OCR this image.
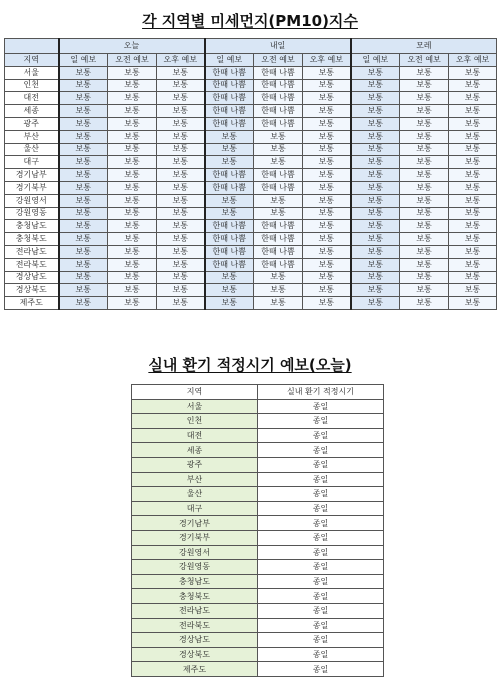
각 지역별 미세먼지(PM10)지수
	오늘			내일			모레		
지역	일 예보	오전 예보	오후 예보	일 예보	오전 예보	오후 예보	일 예보	오전 예보	오후 예보
서울	보통	보통	보통	한때 나쁨	한때 나쁨	보통	보통	보통	보통
인천	보통	보통	보통	한때 나쁨	한때 나쁨	보통	보통	보통	보통
대전	보통	보통	보통	한때 나쁨	한때 나쁨	보통	보통	보통	보통
세종	보통	보통	보통	한때 나쁨	한때 나쁨	보통	보통	보통	보통
광주	보통	보통	보통	한때 나쁨	한때 나쁨	보통	보통	보통	보통
부산	보통	보통	보통	보통	보통	보통	보통	보통	보통
울산	보통	보통	보통	보통	보통	보통	보통	보통	보통
대구	보통	보통	보통	보통	보통	보통	보통	보통	보통
경기남부	보통	보통	보통	한때 나쁨	한때 나쁨	보통	보통	보통	보통
경기북부	보통	보통	보통	한때 나쁨	한때 나쁨	보통	보통	보통	보통
강원영서	보통	보통	보통	보통	보통	보통	보통	보통	보통
강원영동	보통	보통	보통	보통	보통	보통	보통	보통	보통
충청남도	보통	보통	보통	한때 나쁨	한때 나쁨	보통	보통	보통	보통
충청북도	보통	보통	보통	한때 나쁨	한때 나쁨	보통	보통	보통	보통
전라남도	보통	보통	보통	한때 나쁨	한때 나쁨	보통	보통	보통	보통
전라북도	보통	보통	보통	한때 나쁨	한때 나쁨	보통	보통	보통	보통
경상남도	보통	보통	보통	보통	보통	보통	보통	보통	보통
경상북도	보통	보통	보통	보통	보통	보통	보통	보통	보통
제주도	보통	보통	보통	보통	보통	보통	보통	보통	보통
실내 환기 적정시기 예보(오늘)
지역	실내 환기 적정시기
서울	종일
인천	종일
대전	종일
세종	종일
광주	종일
부산	종일
울산	종일
대구	종일
경기남부	종일
경기북부	종일
강원영서	종일
강원영동	종일
충청남도	종일
충청북도	종일
전라남도	종일
전라북도	종일
경상남도	종일
경상북도	종일
제주도	종일
